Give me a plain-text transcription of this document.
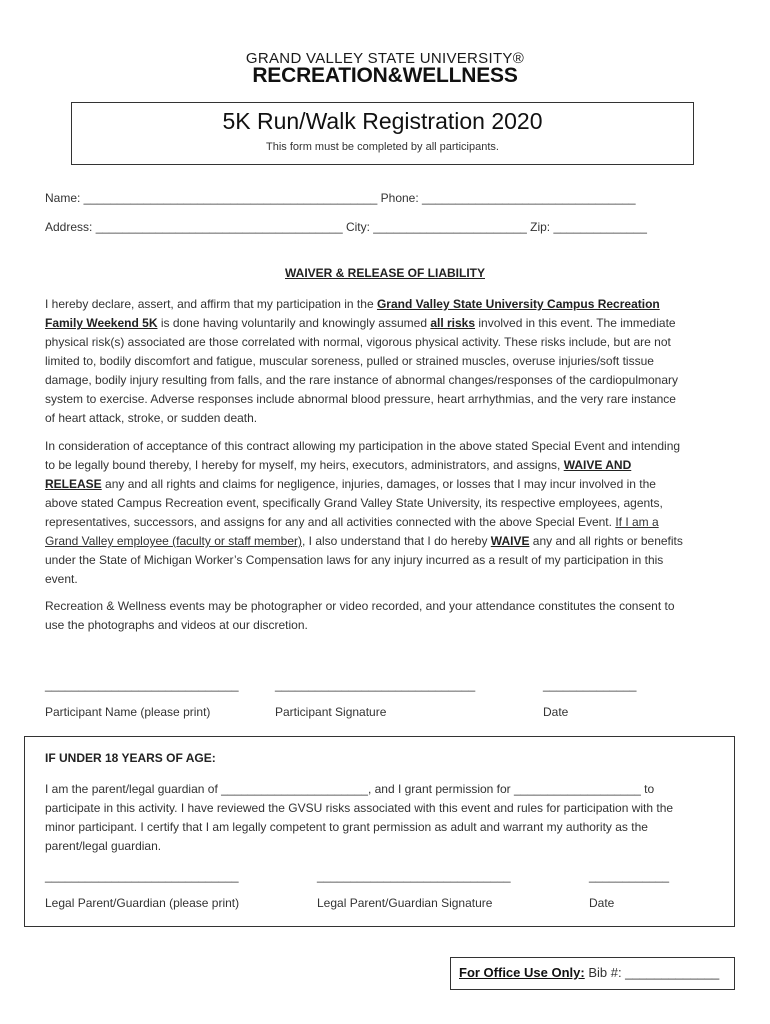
GRAND VALLEY STATE UNIVERSITY®
RECREATION&WELLNESS
5K Run/Walk Registration 2020
This form must be completed by all participants.
Name: ____________________________________________ Phone: ________________________________
Address: _____________________________________ City: _______________________ Zip: ______________
WAIVER & RELEASE OF LIABILITY
I hereby declare, assert, and affirm that my participation in the Grand Valley State University Campus Recreation Family Weekend 5K is done having voluntarily and knowingly assumed all risks involved in this event. The immediate physical risk(s) associated are those correlated with normal, vigorous physical activity. These risks include, but are not limited to, bodily discomfort and fatigue, muscular soreness, pulled or strained muscles, overuse injuries/soft tissue damage, bodily injury resulting from falls, and the rare instance of abnormal changes/responses of the cardiopulmonary system to exercise. Adverse responses include abnormal blood pressure, heart arrhythmias, and the very rare instance of heart attack, stroke, or sudden death.
In consideration of acceptance of this contract allowing my participation in the above stated Special Event and intending to be legally bound thereby, I hereby for myself, my heirs, executors, administrators, and assigns, WAIVE AND RELEASE any and all rights and claims for negligence, injuries, damages, or losses that I may incur involved in the above stated Campus Recreation event, specifically Grand Valley State University, its respective employees, agents, representatives, successors, and assigns for any and all activities connected with the above Special Event. If I am a Grand Valley employee (faculty or staff member), I also understand that I do hereby WAIVE any and all rights or benefits under the State of Michigan Worker’s Compensation laws for any injury incurred as a result of my participation in this event.
Recreation & Wellness events may be photographer or video recorded, and your attendance constitutes the consent to use the photographs and videos at our discretion.
_____________________________	______________________________	______________
Participant Name (please print)	Participant Signature	Date
IF UNDER 18 YEARS OF AGE:
I am the parent/legal guardian of ______________________, and I grant permission for ___________________ to participate in this activity. I have reviewed the GVSU risks associated with this event and rules for participation with the minor participant. I certify that I am legally competent to grant permission as adult and warrant my authority as the parent/legal guardian.
_____________________________	_____________________________	____________
Legal Parent/Guardian (please print)	Legal Parent/Guardian Signature	Date
For Office Use Only: Bib #: _____________
